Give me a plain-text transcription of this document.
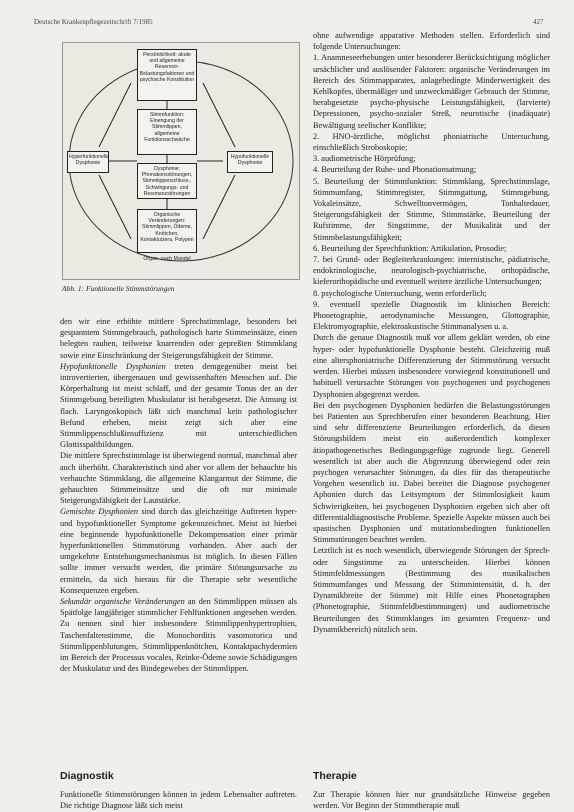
Deutsche Krankenpflegezeitschrift 7/1985	427
Persönlichkeit: akute und allgemeine Reservoir- Belastungsfaktoren und psychische Konstitution
Stimmfunktion: Einengung der Stimmlippen, allgemeine Funktionsschwäche
Dysphonie: Phonationsstörungen, Stimmlippenschluss-, Schwingungs- und Resonanzstörungen
Organische Veränderungen: Stimmlippen, Ödeme, Knötchen, Kontaktulzera, Polypen
Organ- nach Mandel
Hyperfunktionelle Dysphonie
Hypofunktionelle Dysphonie
Abb. 1: Funktionelle Stimmstörungen

den wir eine erhöhte mittlere Sprechstimmlage, besonders bei gespanntem Stimmgebrauch, pathologisch harte Stimmeinsätze, einen belegten rauhen, teilweise knarrenden oder gepreßten Stimmklang sowie eine Einschränkung der Steigerungsfähigkeit der Stimme.

Hypofunktionelle Dysphonien treten demgegenüber meist bei introvertierten, übergenauen und gewissenhaften Menschen auf. Die Körperhaltung ist meist schlaff, und der gesamte Tonus der an der Stimmgebung beteiligten Muskulatur ist herabgesetzt. Die Atmung ist flach. Laryngoskopisch läßt sich manchmal kein pathologischer Befund erheben, meist zeigt sich aber eine Stimmlippenschlußinsuffizienz mit unterschiedlichen Glottisspaltbildungen.

Die mittlere Sprechstimmlage ist überwiegend normal, manchmal aber auch überhöht. Charakteristisch sind aber vor allem der behauchte bis verhauchte Stimmklang, die allgemeine Klangarmut der Stimme, die gehauchten Stimmeinsätze und die oft nur minimale Steigerungsfähigkeit der Lautstärke.

Gemischte Dysphonien sind durch das gleichzeitige Auftreten hyper- und hypofunktioneller Symptome gekennzeichnet. Meist ist hierbei eine beginnende hypofunktionelle Dekompensation einer primär hyperfunktionellen Stimmstörung vorhanden. Aber auch der umgekehrte Entstehungsmechanismus ist möglich. In diesen Fällen sollte immer versucht werden, die primäre Störungsursache zu ermitteln, da sich hieraus für die Therapie sehr wesentliche Konsequenzen ergeben.

Sekundär organische Veränderungen an den Stimmlippen müssen als Spätfolge langjähriger stimmlicher Fehlfunktionen angesehen werden. Zu nennen sind hier insbesondere Stimmlippenhypertrophien, Taschenfaltenstimme, die Monochorditis vasomotorica und Stimmlippenblutungen, Stimmlippenknötchen, Kontaktpachydermien im Bereich der Processus vocales, Reinke-Ödeme sowie Schädigungen der Muskulatur und des Bindegewebes der Stimmlippen.

ohne aufwendige apparative Methoden stellen. Erforderlich sind folgende Untersuchungen:

1. Anamneseerhebungen unter besonderer Berücksichtigung möglicher ursächlicher und auslösender Faktoren: organische Veränderungen im Bereich des Stimmapparates, anlagebedingte Minderwertigkeit des Kehlkopfes, übermäßiger und unzweckmäßiger Gebrauch der Stimme, herabgesetzte psycho-physische Leistungsfähigkeit, (larvierte) Depressionen, psycho-sozialer Streß, neurotische (inadäquate) Bewältigung seelischer Konflikte;

2. HNO-ärztliche, möglichst phoniatrische Untersuchung, einschließlich Stroboskopie;

3. audiometrische Hörprüfung;

4. Beurteilung der Ruhe- und Phonationsatmung;

5. Beurteilung der Stimmfunktion: Stimmklang, Sprechstimmlage, Stimmumfang, Stimmregister, Stimmgattung, Stimmgebung, Vokaleinsätze, Schwelltonvermögen, Tonhaltedauer, Steigerungsfähigkeit der Stimme, Stimmstärke, Beurteilung der Rufstimme, der Singstimme, der Musikalität und der Stimmbelastungsfähigkeit;

6. Beurteilung der Sprechfunktion: Artikulation, Prosodie;

7. bei Grund- oder Begleiterkrankungen: internistische, pädiatrische, endokrinologische, neurologisch-psychiatrische, orthopädische, kieferorthopädische und eventuell weitere ärztliche Untersuchungen;

8. psychologische Untersuchung, wenn erforderlich;

9. eventuell spezielle Diagnostik im klinischen Bereich: Phonetographie, aerodynamische Messungen, Glottographie, Elektromyographie, elektroakustische Stimmanalysen u. a.

Durch die genaue Diagnostik muß vor allem geklärt werden, ob eine hyper- oder hypofunktionelle Dysphonie besteht. Gleichzeitig muß eine altersphoniatrische Differenzierung der Stimmstörung versucht werden. Hierbei müssen insbesondere vorwiegend konstitutionell und habituell verursachte Störungen von psychogenen und psychogenen Dysphonien abgegrenzt werden.

Bei den psychogenen Dysphonien bedürfen die Belastungsstörungen bei Patienten aus Sprechberufen einer besonderen Beachtung. Hier sind sehr differenzierte Beurteilungen erforderlich, da diesen Störungsbildern meist ein außerordentlich komplexer ätiopathogenetisches Bedingungsgefüge zugrunde liegt. Generell wesentlich ist aber auch die Abgrenzung überwiegend oder rein psychogen verursachter Störungen, da dies für das therapeutische Vorgehen wesentlich ist. Dabei bereitet die Diagnose psychogener Aphonien durch das Leitsymptom der Stimmlosigkeit kaum Schwierigkeiten, bei psychogenen Dysphonien ergeben sich aber oft differentialdiagnostische Probleme. Spezielle Aspekte müssen auch bei spastischen Dysphonien und mutationsbedingten funktionellen Stimmstörungen beachtet werden.

Letztlich ist es noch wesentlich, überwiegende Störungen der Sprech- oder Singstimme zu unterscheiden. Hierbei können Stimmfeldmessungen (Bestimmung des musikalischen Stimmumfanges und Messung der Stimmintensität, d. h. der Dynamikbreite der Stimme) mit Hilfe eines Phonetographen (Phonetographie, Stimmfeldbestimmungen) und audiometrische Beurteilungen des Stimmklanges im gesamten Frequenz- und Dynamikbereich) nützlich sein.

Diagnostik	Therapie
Funktionelle Stimmstörungen können in jedem Lebensalter auftreten. Die richtige Diagnose läßt sich meist
Zur Therapie können hier nur grundsätzliche Hinweise gegeben werden. Vor Beginn der Stimmtherapie muß
